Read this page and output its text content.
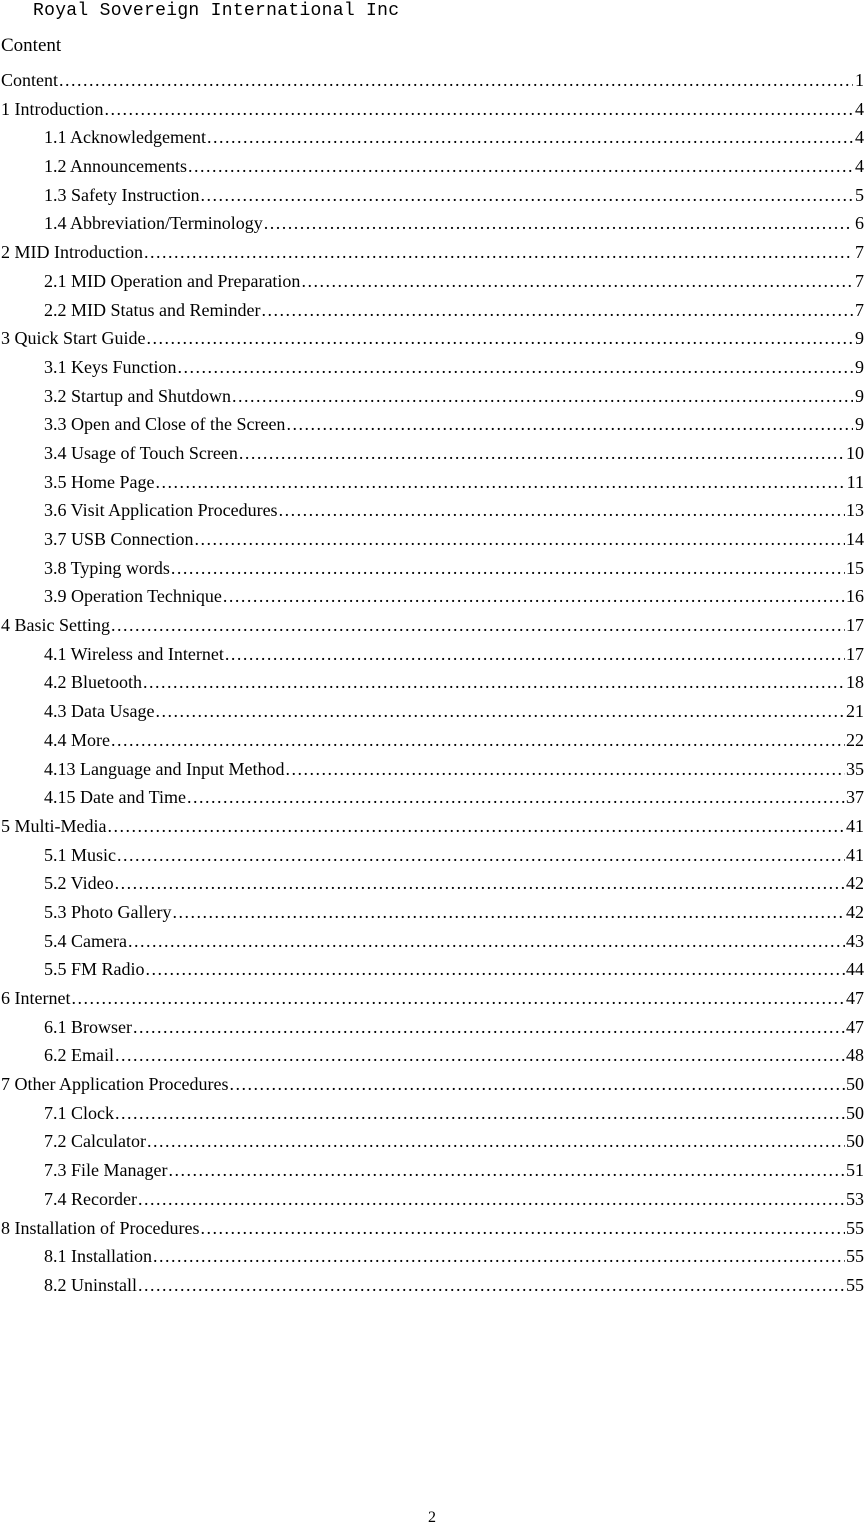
Royal Sovereign International Inc
Content
Content .....	1
1 Introduction .....	4
1.1 Acknowledgement .....	4
1.2 Announcements .....	4
1.3 Safety Instruction .....	5
1.4 Abbreviation/Terminology .....	6
2 MID Introduction .....	7
2.1 MID Operation and Preparation .....	7
2.2 MID Status and Reminder .....	7
3 Quick Start Guide .....	9
3.1 Keys Function .....	9
3.2 Startup and Shutdown .....	9
3.3 Open and Close of the Screen .....	9
3.4 Usage of Touch Screen .....	10
3.5 Home Page .....	11
3.6 Visit Application Procedures .....	13
3.7 USB Connection .....	14
3.8 Typing words .....	15
3.9 Operation Technique .....	16
4 Basic Setting .....	17
4.1 Wireless and Internet .....	17
4.2 Bluetooth .....	18
4.3 Data Usage .....	21
4.4 More .....	22
4.13 Language and Input Method .....	35
4.15 Date and Time .....	37
5 Multi-Media .....	41
5.1 Music .....	41
5.2 Video .....	42
5.3 Photo Gallery .....	42
5.4 Camera .....	43
5.5 FM Radio .....	44
6 Internet .....	47
6.1 Browser .....	47
6.2 Email .....	48
7 Other Application Procedures .....	50
7.1 Clock .....	50
7.2 Calculator .....	50
7.3 File Manager .....	51
7.4 Recorder .....	53
8 Installation of Procedures .....	55
8.1 Installation .....	55
8.2 Uninstall .....	55
2
